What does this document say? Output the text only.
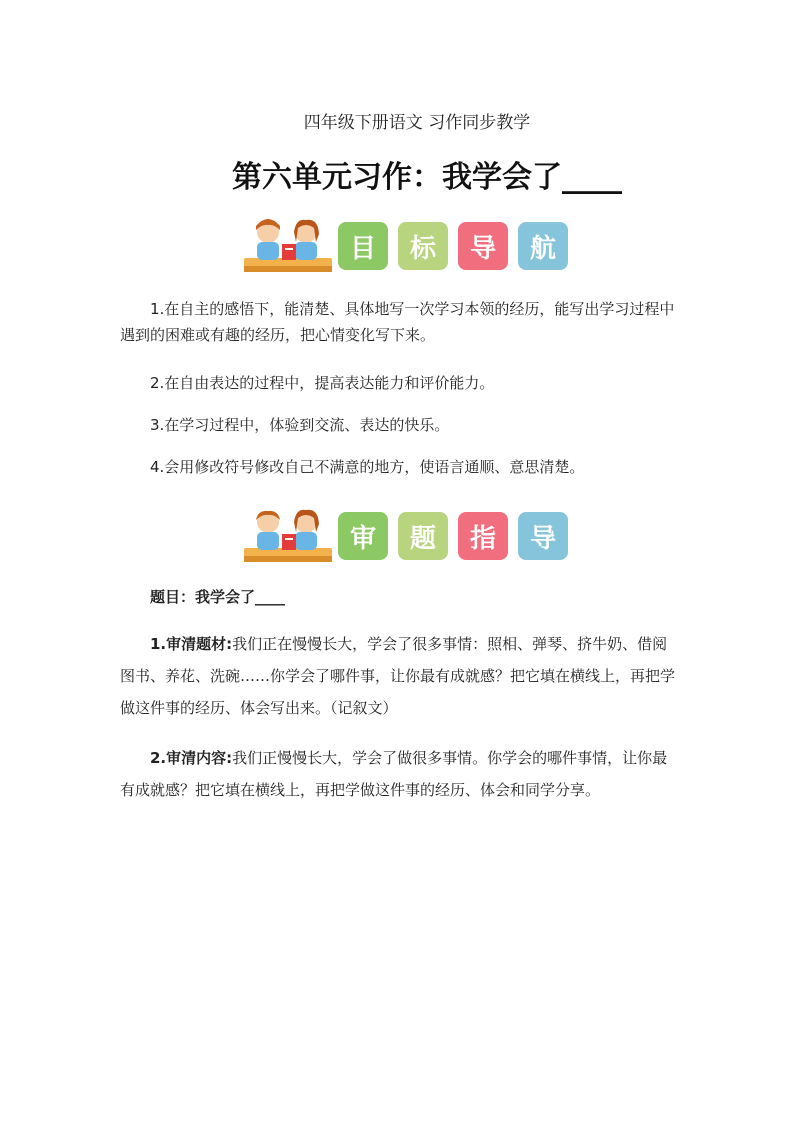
四年级下册语文 习作同步教学
第六单元习作：我学会了____
目	标	导	航
1.在自主的感悟下，能清楚、具体地写一次学习本领的经历，能写出学习过程中遇到的困难或有趣的经历，把心情变化写下来。
2.在自由表达的过程中，提高表达能力和评价能力。
3.在学习过程中，体验到交流、表达的快乐。
4.会用修改符号修改自己不满意的地方，使语言通顺、意思清楚。
审	题	指	导
题目：我学会了____
1.审清题材:我们正在慢慢长大，学会了很多事情：照相、弹琴、挤牛奶、借阅图书、养花、洗碗……你学会了哪件事，让你最有成就感？把它填在横线上，再把学做这件事的经历、体会写出来。（记叙文）
2.审清内容:我们正慢慢长大，学会了做很多事情。你学会的哪件事情，让你最有成就感？把它填在横线上，再把学做这件事的经历、体会和同学分享。
